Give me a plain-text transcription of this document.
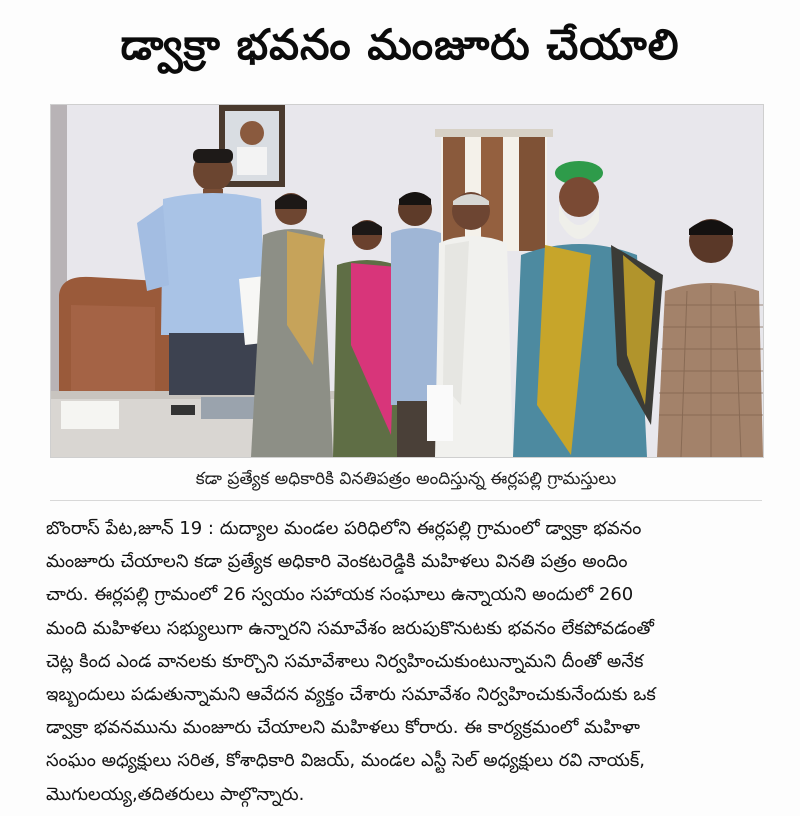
డ్వాక్రా భవనం మంజూరు చేయాలి
కడా ప్రత్యేక అధికారికి వినతిపత్రం అందిస్తున్న ఈర్లపల్లి గ్రామస్తులు
బొంరాస్ పేట,జూన్ 19 : దుద్యాల మండల పరిధిలోని ఈర్లపల్లి గ్రామంలో డ్వాక్రా భవనం
మంజూరు చేయాలని కడా ప్రత్యేక అధికారి వెంకటరెడ్డికి మహిళలు వినతి పత్రం అందిం
చారు. ఈర్లపల్లి గ్రామంలో 26 స్వయం సహాయక సంఘాలు ఉన్నాయని అందులో 260
మంది మహిళలు సభ్యులుగా ఉన్నారని సమావేశం జరుపుకొనుటకు భవనం లేకపోవడంతో
చెట్ల కింద ఎండ వానలకు కూర్చొని సమావేశాలు నిర్వహించుకుంటున్నామని దీంతో అనేక
ఇబ్బందులు పడుతున్నామని ఆవేదన వ్యక్తం చేశారు సమావేశం నిర్వహించుకునేందుకు ఒక
డ్వాక్రా భవనమును మంజూరు చేయాలని మహిళలు కోరారు. ఈ కార్యక్రమంలో మహిళా
సంఘం అధ్యక్షులు సరిత, కోశాధికారి విజయ్, మండల ఎస్టీ సెల్ అధ్యక్షులు రవి నాయక్,
మొగులయ్య,తదితరులు పాల్గొన్నారు.
